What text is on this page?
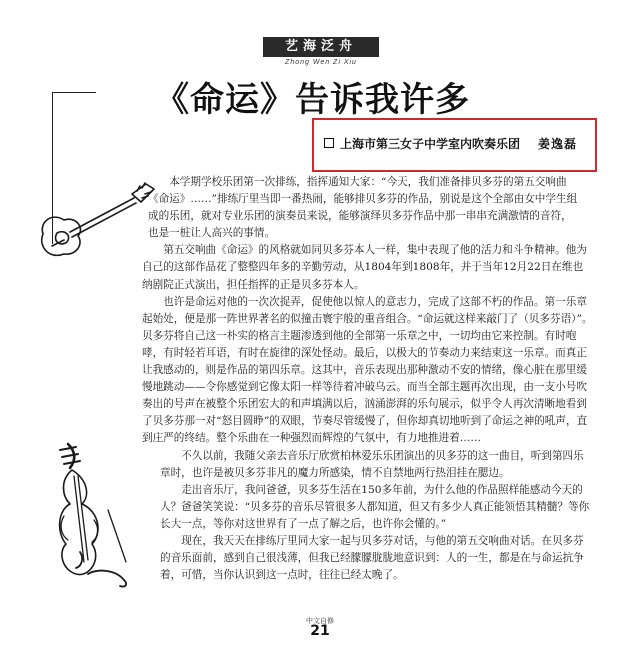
艺海泛舟
Zhong Wen Zi Xiu
《命运》告诉我许多
上海市第三女子中学室内吹奏乐团 姜逸磊

本学期学校乐团第一次排练，指挥通知大家：“今天，我们准备排贝多芬的第五交响曲《命运》……”排练厅里当即一番热闹，能够排贝多芬的作品，别说是这个全部由女中学生组成的乐团，就对专业乐团的演奏员来说，能够演绎贝多芬作品中那一串串充满激情的音符，也是一桩让人高兴的事情。

第五交响曲《命运》的风格就如同贝多芬本人一样，集中表现了他的活力和斗争精神。他为自己的这部作品花了整整四年多的辛勤劳动，从1804年到1808年，并于当年12月22日在维也纳剧院正式演出，担任指挥的正是贝多芬本人。

也许是命运对他的一次次捉弄，促使他以惊人的意志力，完成了这部不朽的作品。第一乐章起始处，便是那一阵世界著名的似撞击寰宇般的重音组合。“命运就这样来敲门了（贝多芬语）”。贝多芬将自己这一朴实的格言主题渗透到他的全部第一乐章之中，一切均由它来控制。有时咆哮，有时轻若耳语，有时在旋律的深处怪动。最后，以极大的节奏动力来结束这一乐章。而真正让我感动的，则是作品的第四乐章。这其中，音乐表现出那种激动不安的情绪，像心脏在那里缓慢地跳动——令你感觉到它像太阳一样等待着冲破乌云。而当全部主题再次出现，由一支小号吹奏出的号声在被整个乐团宏大的和声填满以后，汹涌澎湃的乐句展示，似乎令人再次清晰地看到了贝多芬那一对“怒目圆睁”的双眼，节奏尽管缓慢了，但你却真切地听到了命运之神的吼声，直到庄严的终结。整个乐曲在一种强烈而辉煌的气氛中，有力地推进着……

不久以前，我随父亲去音乐厅欣赏柏林爱乐乐团演出的贝多芬的这一曲目，听到第四乐章时，也许是被贝多芬非凡的魔力所感染，情不自禁地两行热泪挂在腮边。

走出音乐厅，我问爸爸，贝多芬生活在150多年前，为什么他的作品照样能感动今天的人？爸爸笑笑说：“贝多芬的音乐尽管很多人都知道，但又有多少人真正能领悟其精髓？等你长大一点，等你对这世界有了一点了解之后，也许你会懂的。”

现在，我天天在排练厅里同大家一起与贝多芬对话，与他的第五交响曲对话。在贝多芬的音乐面前，感到自己很浅薄，但我已经朦朦胧胧地意识到：人的一生，都是在与命运抗争着，可惜，当你认识到这一点时，往往已经太晚了。

中文自修
21
